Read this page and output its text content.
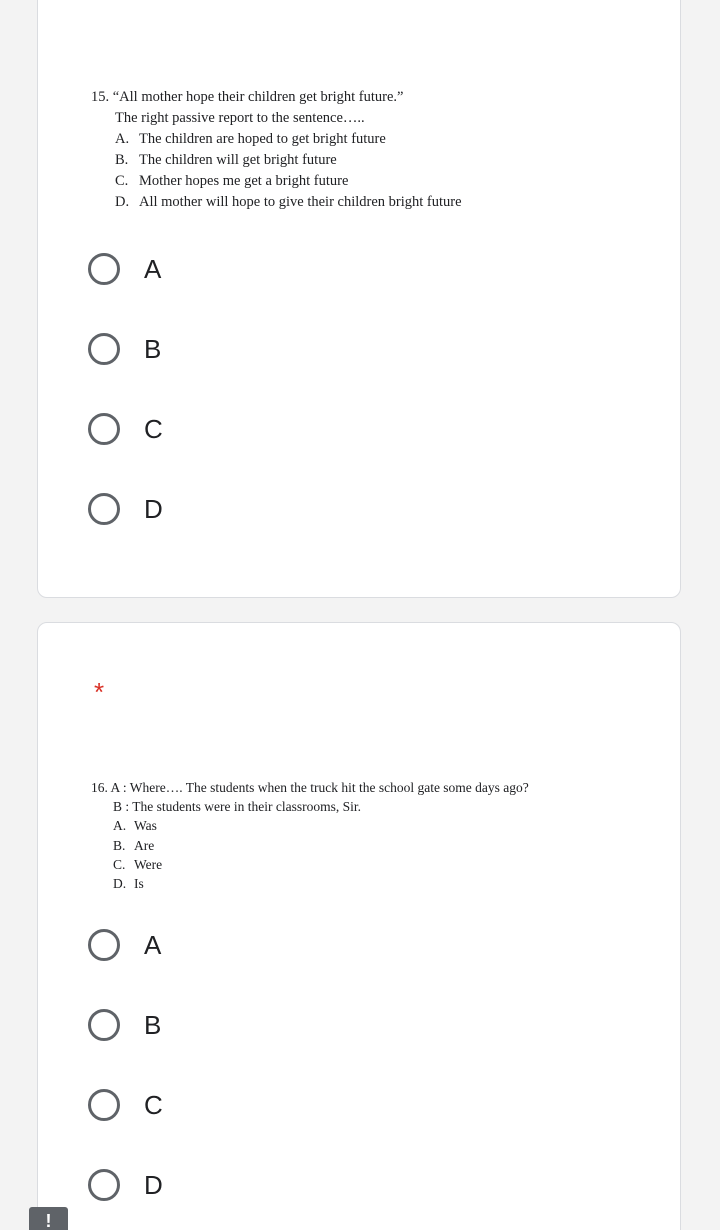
15. “All mother hope their children get bright future.”
The right passive report to the sentence…..
A. The children are hoped to get bright future
B. The children will get bright future
C. Mother hopes me get a bright future
D. All mother will hope to give their children bright future
A
B
C
D
*
16. A : Where…. The students when the truck hit the school gate some days ago?
B : The students were in their classrooms, Sir.
A. Was
B. Are
C. Were
D. Is
A
B
C
D
!
